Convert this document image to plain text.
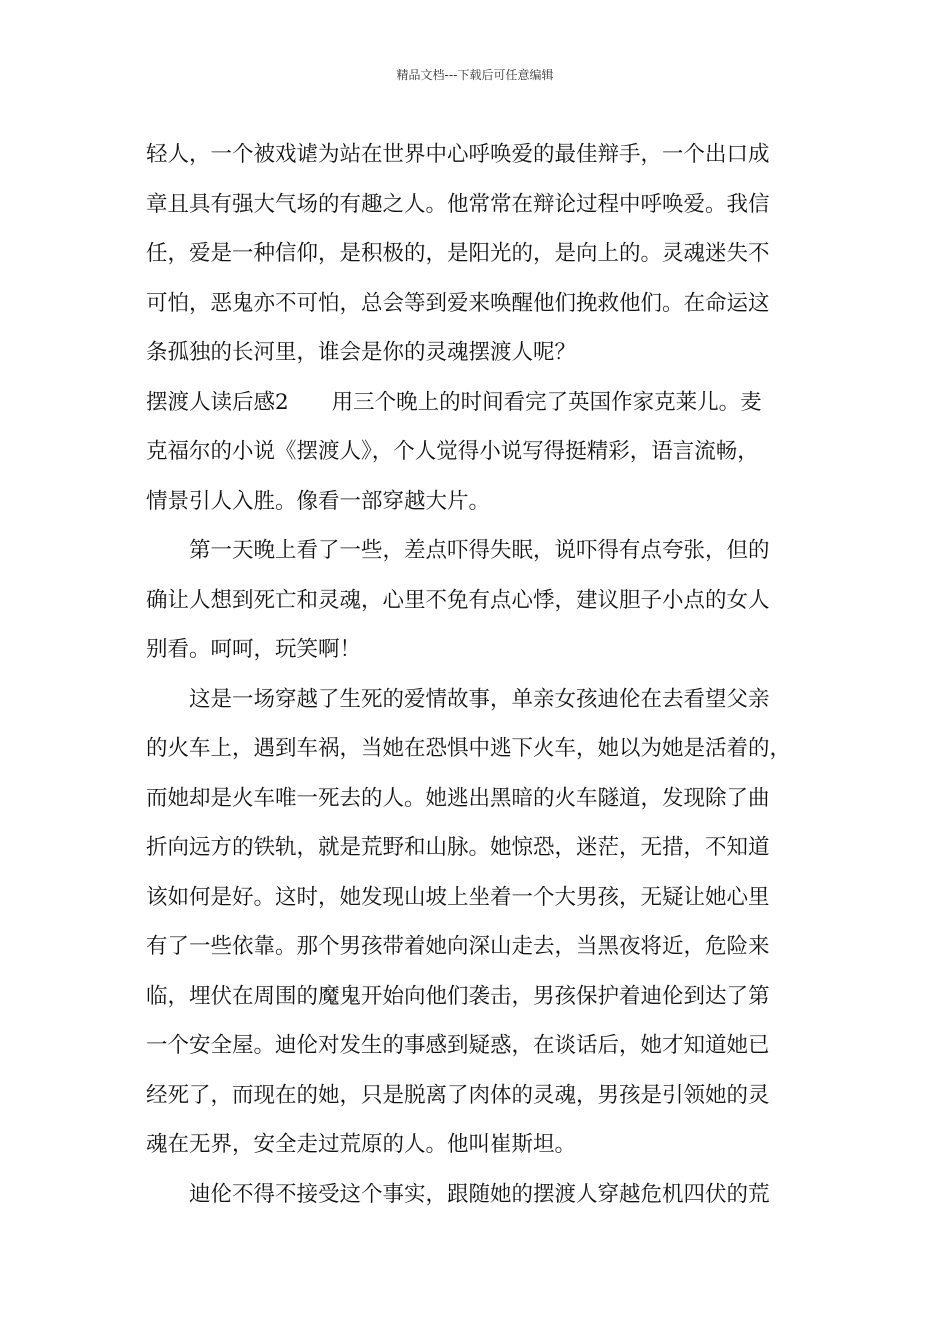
精品文档---下载后可任意编辑
轻人，一个被戏谑为站在世界中心呼唤爱的最佳辩手，一个出口成
章且具有强大气场的有趣之人。他常常在辩论过程中呼唤爱。我信
任，爱是一种信仰，是积极的，是阳光的，是向上的。灵魂迷失不
可怕，恶鬼亦不可怕，总会等到爱来唤醒他们挽救他们。在命运这
条孤独的长河里，谁会是你的灵魂摆渡人呢？
摆渡人读后感2　　用三个晚上的时间看完了英国作家克莱儿。麦
克福尔的小说《摆渡人》，个人觉得小说写得挺精彩，语言流畅，
情景引人入胜。像看一部穿越大片。
第一天晚上看了一些，差点吓得失眠，说吓得有点夸张，但的
确让人想到死亡和灵魂，心里不免有点心悸，建议胆子小点的女人
别看。呵呵，玩笑啊！
这是一场穿越了生死的爱情故事，单亲女孩迪伦在去看望父亲
的火车上，遇到车祸，当她在恐惧中逃下火车，她以为她是活着的，
而她却是火车唯一死去的人。她逃出黑暗的火车隧道，发现除了曲
折向远方的铁轨，就是荒野和山脉。她惊恐，迷茫，无措，不知道
该如何是好。这时，她发现山坡上坐着一个大男孩，无疑让她心里
有了一些依靠。那个男孩带着她向深山走去，当黑夜将近，危险来
临，埋伏在周围的魔鬼开始向他们袭击，男孩保护着迪伦到达了第
一个安全屋。迪伦对发生的事感到疑惑，在谈话后，她才知道她已
经死了，而现在的她，只是脱离了肉体的灵魂，男孩是引领她的灵
魂在无界，安全走过荒原的人。他叫崔斯坦。
迪伦不得不接受这个事实，跟随她的摆渡人穿越危机四伏的荒
